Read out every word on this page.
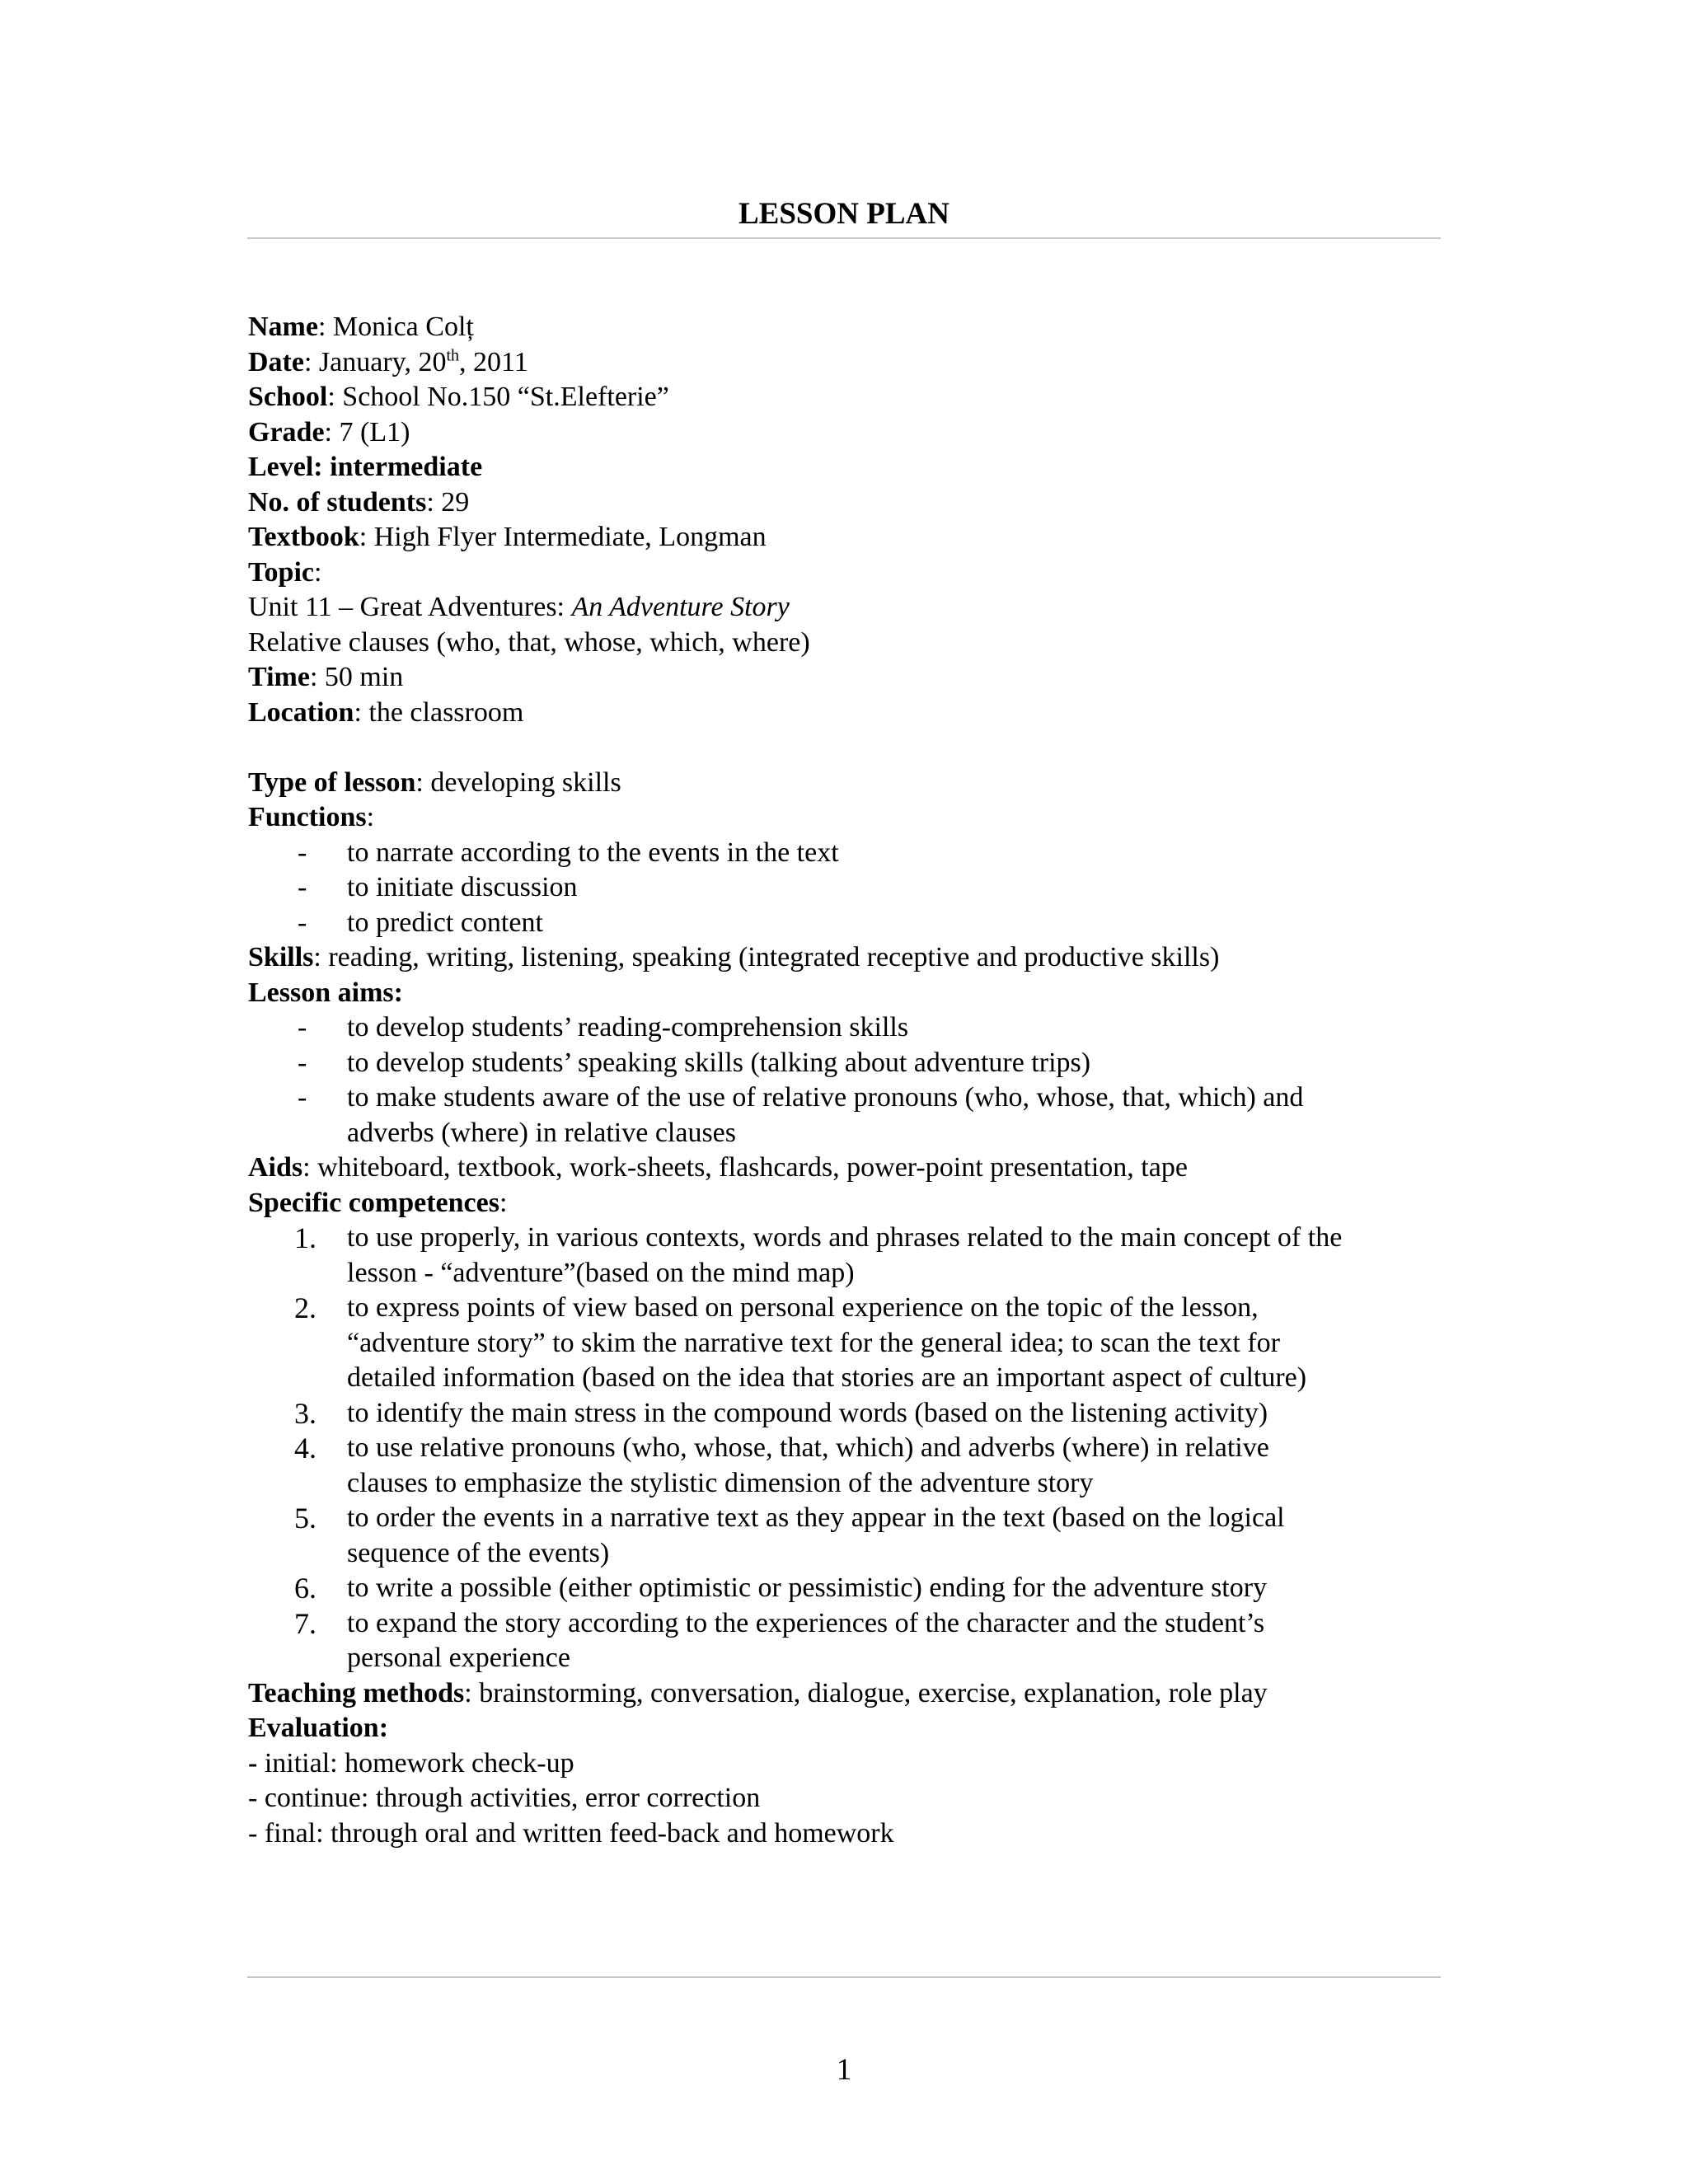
LESSON PLAN
Name: Monica Colț
Date: January, 20th, 2011
School: School No.150 “St.Elefterie”
Grade: 7 (L1)
Level: intermediate
No. of students: 29
Textbook: High Flyer Intermediate, Longman
Topic:
Unit 11 – Great Adventures: An Adventure Story
Relative clauses (who, that, whose, which, where)
Time: 50 min
Location: the classroom
Type of lesson: developing skills
Functions:
-	to narrate according to the events in the text
-	to initiate discussion
-	to predict content
Skills: reading, writing, listening, speaking (integrated receptive and productive skills)
Lesson aims:
-	to develop students’ reading-comprehension skills
-	to develop students’ speaking skills (talking about adventure trips)
-	to make students aware of the use of relative pronouns (who, whose, that, which) and
adverbs (where) in relative clauses
Aids: whiteboard, textbook, work-sheets, flashcards, power-point presentation, tape
Specific competences:
1.	to use properly, in various contexts, words and phrases related to the main concept of the
lesson - “adventure”(based on the mind map)
2.	to express points of view based on personal experience on the topic of the lesson,
“adventure story” to skim the narrative text for the general idea; to scan the text for
detailed information (based on the idea that stories are an important aspect of culture)
3.	to identify the main stress in the compound words (based on the listening activity)
4.	to use relative pronouns (who, whose, that, which) and adverbs (where) in relative
clauses to emphasize the stylistic dimension of the adventure story
5.	to order the events in a narrative text as they appear in the text (based on the logical
sequence of the events)
6.	to write a possible (either optimistic or pessimistic) ending for the adventure story
7.	to expand the story according to the experiences of the character and the student’s
personal experience
Teaching methods: brainstorming, conversation, dialogue, exercise, explanation, role play
Evaluation:
- initial: homework check-up
- continue: through activities, error correction
- final: through oral and written feed-back and homework
1
